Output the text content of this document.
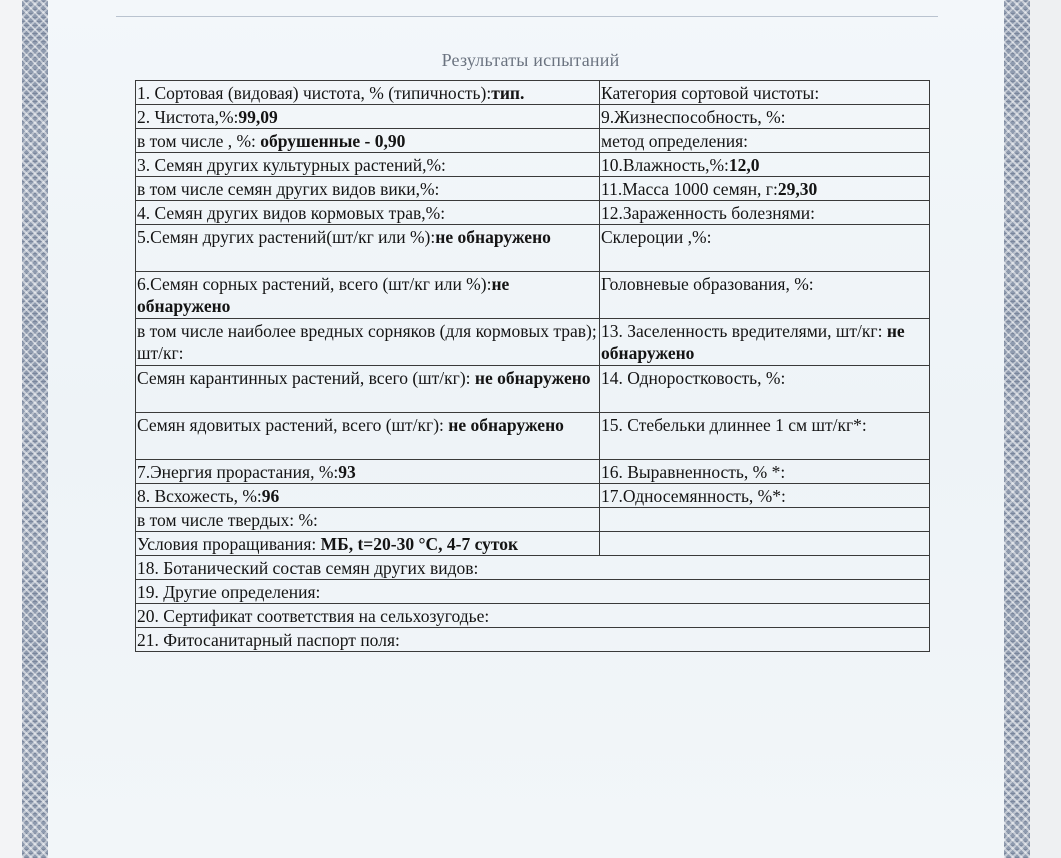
Результаты испытаний
1. Сортовая (видовая) чистота, % (типичность):тип.	Категория сортовой чистоты:
2. Чистота,%:99,09	9.Жизнеспособность, %:
в том числе , %: обрушенные - 0,90	метод определения:
3. Семян других культурных растений,%:	10.Влажность,%:12,0
в том числе семян других видов вики,%:	11.Масса 1000 семян, г:29,30
4. Семян других видов кормовых трав,%:	12.Зараженность болезнями:
5.Семян других растений(шт/кг или %):не обнаружено	Склероции ,%:
6.Семян сорных растений, всего (шт/кг или %):не обнаружено	Головневые образования, %:
в том числе наиболее вредных сорняков (для кормовых трав); шт/кг:	13. Заселенность вредителями, шт/кг: не обнаружено
Семян карантинных растений, всего (шт/кг): не обнаружено	14. Одноростковость, %:
Семян ядовитых растений, всего (шт/кг): не обнаружено	15. Стебельки длиннее 1 см шт/кг*:
7.Энергия прорастания, %:93	16. Выравненность, % *:
8. Всхожесть, %:96	17.Односемянность, %*:
в том числе твердых: %:	
Условия проращивания: МБ, t=20-30 °C, 4-7 суток	
18. Ботанический состав семян других видов:	
19. Другие определения:	
20. Сертификат соответствия на сельхозугодье:	
21. Фитосанитарный паспорт поля:	
